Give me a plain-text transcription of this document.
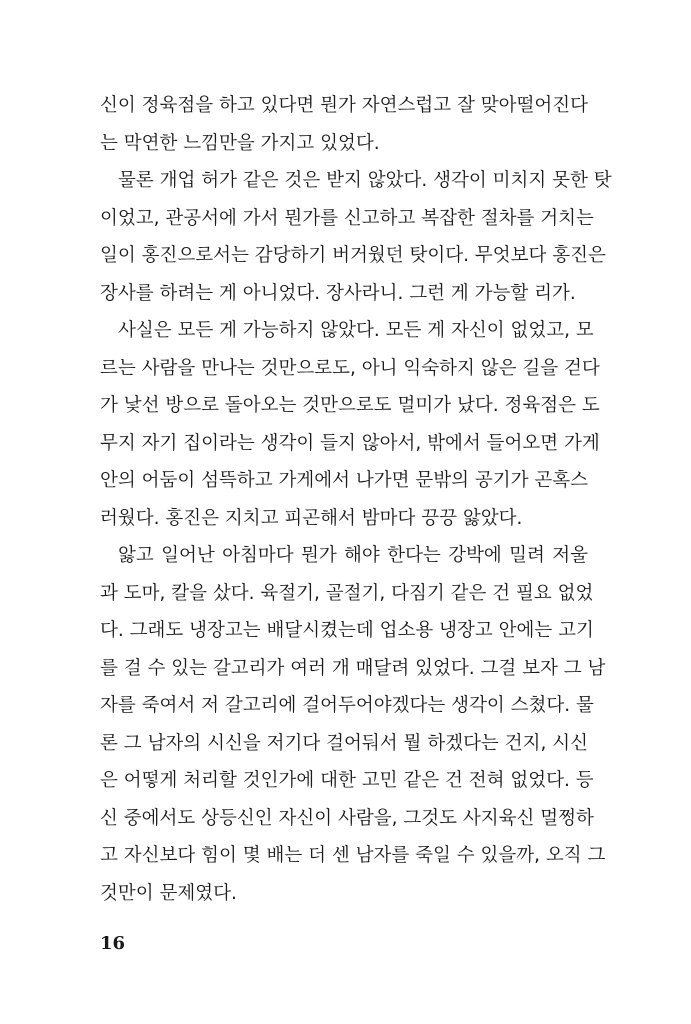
신이 정육점을 하고 있다면 뭔가 자연스럽고 잘 맞아떨어진다
는 막연한 느낌만을 가지고 있었다.
물론 개업 허가 같은 것은 받지 않았다. 생각이 미치지 못한 탓
이었고, 관공서에 가서 뭔가를 신고하고 복잡한 절차를 거치는
일이 홍진으로서는 감당하기 버거웠던 탓이다. 무엇보다 홍진은
장사를 하려는 게 아니었다. 장사라니. 그런 게 가능할 리가.
사실은 모든 게 가능하지 않았다. 모든 게 자신이 없었고, 모
르는 사람을 만나는 것만으로도, 아니 익숙하지 않은 길을 걷다
가 낯선 방으로 돌아오는 것만으로도 멀미가 났다. 정육점은 도
무지 자기 집이라는 생각이 들지 않아서, 밖에서 들어오면 가게
안의 어둠이 섬뜩하고 가게에서 나가면 문밖의 공기가 곤혹스
러웠다. 홍진은 지치고 피곤해서 밤마다 끙끙 앓았다.
앓고 일어난 아침마다 뭔가 해야 한다는 강박에 밀려 저울
과 도마, 칼을 샀다. 육절기, 골절기, 다짐기 같은 건 필요 없었
다. 그래도 냉장고는 배달시켰는데 업소용 냉장고 안에는 고기
를 걸 수 있는 갈고리가 여러 개 매달려 있었다. 그걸 보자 그 남
자를 죽여서 저 갈고리에 걸어두어야겠다는 생각이 스쳤다. 물
론 그 남자의 시신을 저기다 걸어둬서 뭘 하겠다는 건지, 시신
은 어떻게 처리할 것인가에 대한 고민 같은 건 전혀 없었다. 등
신 중에서도 상등신인 자신이 사람을, 그것도 사지육신 멀쩡하
고 자신보다 힘이 몇 배는 더 센 남자를 죽일 수 있을까, 오직 그
것만이 문제였다.
16
